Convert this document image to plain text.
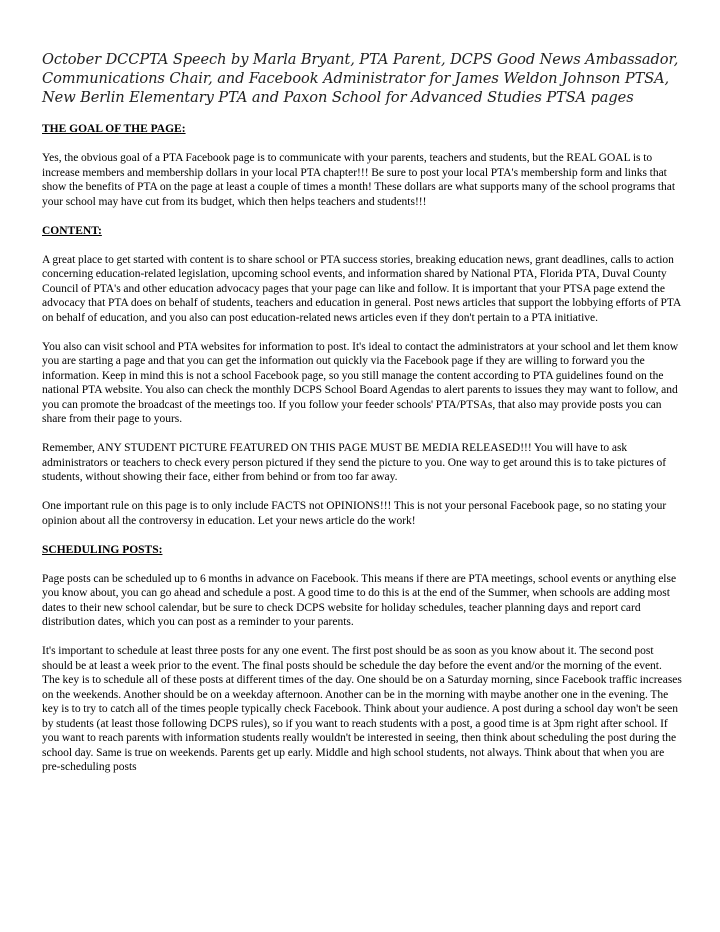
October DCCPTA Speech by Marla Bryant, PTA Parent, DCPS Good News Ambassador, Communications Chair, and Facebook Administrator for James Weldon Johnson PTSA, New Berlin Elementary PTA and Paxon School for Advanced Studies PTSA pages

THE GOAL OF THE PAGE:

Yes, the obvious goal of a PTA Facebook page is to communicate with your parents, teachers and students, but the REAL GOAL is to increase members and membership dollars in your local PTA chapter!!! Be sure to post your local PTA's membership form and links that show the benefits of PTA on the page at least a couple of times a month! These dollars are what supports many of the school programs that your school may have cut from its budget, which then helps teachers and students!!!

CONTENT:

A great place to get started with content is to share school or PTA success stories, breaking education news, grant deadlines, calls to action concerning education-related legislation, upcoming school events, and information shared by National PTA, Florida PTA, Duval County Council of PTA's and other education advocacy pages that your page can like and follow. It is important that your PTSA page extend the advocacy that PTA does on behalf of students, teachers and education in general. Post news articles that support the lobbying efforts of PTA on behalf of education, and you also can post education-related news articles even if they don't pertain to a PTA initiative.

You also can visit school and PTA websites for information to post. It's ideal to contact the administrators at your school and let them know you are starting a page and that you can get the information out quickly via the Facebook page if they are willing to forward you the information. Keep in mind this is not a school Facebook page, so you still manage the content according to PTA guidelines found on the national PTA website. You also can check the monthly DCPS School Board Agendas to alert parents to issues they may want to follow, and you can promote the broadcast of the meetings too. If you follow your feeder schools' PTA/PTSAs, that also may provide posts you can share from their page to yours.

Remember, ANY STUDENT PICTURE FEATURED ON THIS PAGE MUST BE MEDIA RELEASED!!! You will have to ask administrators or teachers to check every person pictured if they send the picture to you. One way to get around this is to take pictures of students, without showing their face, either from behind or from too far away.

One important rule on this page is to only include FACTS not OPINIONS!!! This is not your personal Facebook page, so no stating your opinion about all the controversy in education. Let your news article do the work!

SCHEDULING POSTS:

Page posts can be scheduled up to 6 months in advance on Facebook. This means if there are PTA meetings, school events or anything else you know about, you can go ahead and schedule a post. A good time to do this is at the end of the Summer, when schools are adding most dates to their new school calendar, but be sure to check DCPS website for holiday schedules, teacher planning days and report card distribution dates, which you can post as a reminder to your parents.

It's important to schedule at least three posts for any one event. The first post should be as soon as you know about it. The second post should be at least a week prior to the event. The final posts should be schedule the day before the event and/or the morning of the event. The key is to schedule all of these posts at different times of the day. One should be on a Saturday morning, since Facebook traffic increases on the weekends. Another should be on a weekday afternoon. Another can be in the morning with maybe another one in the evening. The key is to try to catch all of the times people typically check Facebook. Think about your audience. A post during a school day won't be seen by students (at least those following DCPS rules), so if you want to reach students with a post, a good time is at 3pm right after school. If you want to reach parents with information students really wouldn't be interested in seeing, then think about scheduling the post during the school day. Same is true on weekends. Parents get up early. Middle and high school students, not always. Think about that when you are pre-scheduling posts
